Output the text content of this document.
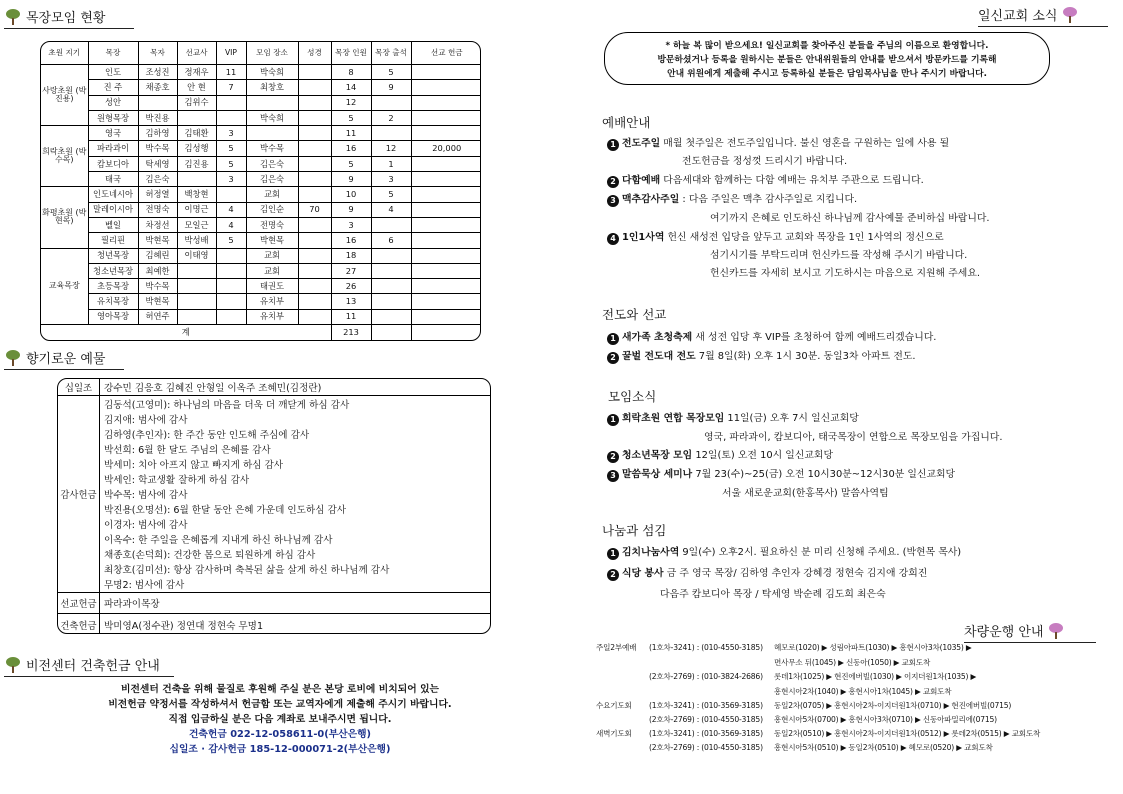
목장모임 현황
초원 지기	목장	목자	선교사	VIP	모임 장소	성경	목장 인원	목장 출석	선교 헌금
사랑초원 (박진용)	인도	조성진	정재우	11	박숙희		8	5	
	진 주	채종호	안 현	7	최창호		14	9	
	성안		김위수				12		
	원형목장	박진용			박숙희		5	2	
희락초원 (박수목)	영국	김하영	김태환	3			11		
	파라과이	박수목	김성행	5	박수목		16	12	20,000
	캄보디아	탁세영	김진용	5	김은숙		5	1	
	태국	김은숙		3	김은숙		9	3	
화평초원 (박현목)	인도네시아	허정열	백창현		교회		10	5	
	말레이시아	전명숙	이명근	4	김인순	70	9	4	
	벨일	차정선	모일근	4	전명숙		3		
	필리핀	박현목	박성배	5	박현목		16	6	
교육목장	청년목장	김혜린	이태영		교회		18		
	청소년목장	최예한			교회		27		
	초등목장	박수목			태권도		26		
	유치목장	박현목			유치부		13		
	영아목장	허연주			유치부		11		
계							213		
향기로운 예물
십일조	강수민 김응호 김혜진 안형일 이옥주 조혜민(김정란)
감사헌금
김동석(고영미): 하나님의 마음을 더욱 더 깨닫게 하심 감사
김지애: 범사에 감사
김하영(추인자): 한 주간 동안 인도해 주심에 감사
박선희: 6월 한 달도 주님의 은혜를 감사
박세미: 치아 아프지 않고 빠지게 하심 감사
박세인: 학교생활 잘하게 하심 감사
박수목: 범사에 감사
박진용(오명선): 6월 한달 동안 은혜 가운데 인도하심 감사
이경자: 범사에 감사
이옥수: 한 주일을 은혜롭게 지내게 하신 하나님께 감사
채종호(손덕희): 건강한 몸으로 퇴원하게 하심 감사
최창호(김미선): 항상 감사하며 축복된 삶을 살게 하신 하나님께 감사
무명2: 범사에 감사
선교헌금 파라과이목장
건축헌금 박미영A(정수관) 정연대 정현숙 무명1
비전센터 건축헌금 안내
비전센터 건축을 위해 물질로 후원해 주실 분은 본당 로비에 비치되어 있는
비전헌금 약정서를 작성하셔서 헌금함 또는 교역자에게 제출해 주시기 바랍니다.
직접 입금하실 분은 다음 계좌로 보내주시면 됩니다.
건축헌금 022-12-058611-0(부산은행)
십일조 · 감사헌금 185-12-000071-2(부산은행)
일신교회 소식
* 하늘 복 많이 받으세요! 일신교회를 찾아주신 분들을 주님의 이름으로 환영합니다.
방문하셨거나 등록을 원하시는 분들은 안내위원들의 안내를 받으셔서 방문카드를 기록해
안내 위원에게 제출해 주시고 등록하실 분들은 담임목사님을 만나 주시기 바랍니다.
예배안내
1 전도주일 매월 첫주일은 전도주일입니다. 불신 영혼을 구원하는 일에 사용 될
전도헌금을 정성껏 드리시기 바랍니다.
2 다함예배 다음세대와 함께하는 다함 예배는 유치부 주관으로 드립니다.
3 맥추감사주일 : 다음 주일은 맥추 감사주일로 지킵니다.
여기까지 은혜로 인도하신 하나님께 감사예물 준비하십 바랍니다.
4 1인1사역 헌신 새성전 입당을 앞두고 교회와 목장을 1인 1사역의 정신으로
섬기시기를 부탁드리며 헌신카드를 작성해 주시기 바랍니다.
헌신카드를 자세히 보시고 기도하시는 마음으로 지원해 주세요.
전도와 선교
1 새가족 초청축제 새 성전 입당 후 VIP를 초청하여 함께 예배드리겠습니다.
2 꿀벌 전도대 전도 7월 8일(화) 오후 1시 30분. 동일3차 아파트 전도.
모임소식
1 희락초원 연합 목장모임 11일(금) 오후 7시 일신교회당
영국, 파라과이, 캄보디아, 태국목장이 연합으로 목장모임을 가집니다.
2 청소년목장 모임 12일(토) 오전 10시 일신교회당
3 말씀묵상 세미나 7월 23(수)~25(금) 오전 10시30분~12시30분 일신교회당
서울 새로운교회(한홍목사) 말씀사역팀
나눔과 섬김
1 김치나눔사역 9일(수) 오후2시. 필요하신 분 미리 신청해 주세요. (박현목 목사)
2 식당 봉사 금 주 영국 목장/ 김하영 추인자 강혜경 정현숙 김지애 강희진
다음주 캄보디아 목장 / 탁세영 박순례 김도희 최은숙
차량운행 안내
주일2부예배 (1호차-3241) : (010-4550-3185) 혜모로(1020) ▶ 성림아파트(1030) ▶ 흥현시아3차(1035) ▶
면사무소 뒤(1045) ▶ 신동아(1050) ▶ 교회도착
(2호차-2769) : (010-3824-2686) 롯데1차(1025) ▶ 현진에버빌(1030) ▶ 이지더원1차(1035) ▶
흥현시아2차(1040) ▶ 흥현시아1차(1045) ▶ 교회도착
수요기도회 (1호차-3241) : (010-3569-3185) 동일2차(0705) ▶ 흥현시아2차-이지더원1차(0710) ▶ 현진에버빌(0715)
(2호차-2769) : (010-4550-3185) 흥현시아5차(0700) ▶ 흥현시아3차(0710) ▶ 신동아파밀리에(0715)
새벽기도회 (1호차-3241) : (010-3569-3185) 동일2차(0510) ▶ 흥현시아2차-이지더원1차(0512) ▶ 롯데2차(0515) ▶ 교회도착
(2호차-2769) : (010-4550-3185) 흥현시아5차(0510) ▶ 동일2차(0510) ▶ 혜모로(0520) ▶ 교회도착
